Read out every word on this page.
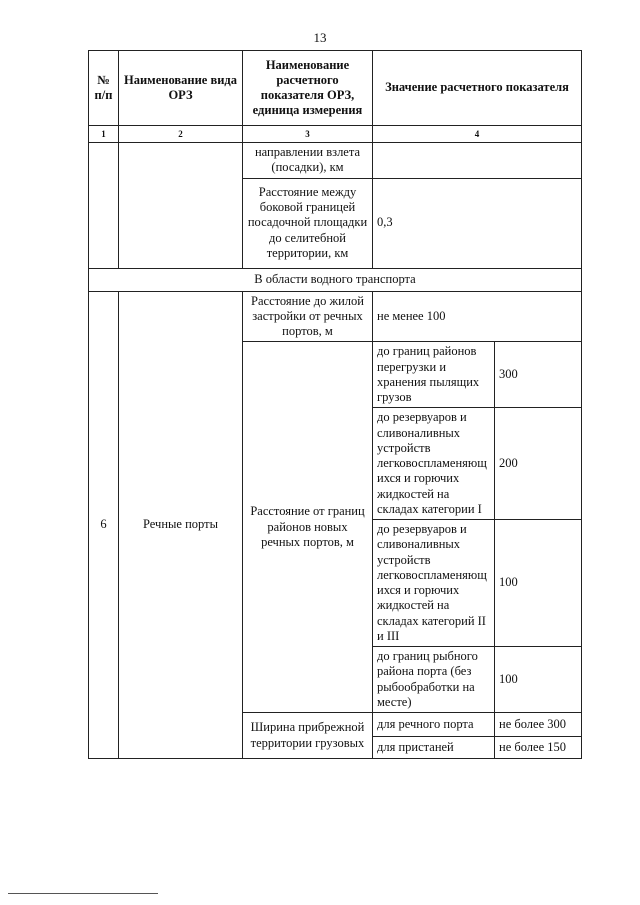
13
№ п/п	Наименование вида ОРЗ	Наименование расчетного показателя ОРЗ, единица измерения	Значение расчетного показателя	
1	2	3	4	
		направлении взлета (посадки), км		
		Расстояние между боковой границей посадочной площадки до селитебной территории, км	0,3	
В области водного транспорта				
6	Речные порты	Расстояние до жилой застройки от речных портов, м	не менее 100	
		Расстояние от границ районов новых речных портов, м	до границ районов перегрузки и хранения пылящих грузов	300
			до резервуаров и сливоналивных устройств легковоспламеняющ ихся и горючих жидкостей на складах категории I	200
			до резервуаров и сливоналивных устройств легковоспламеняющ ихся и горючих жидкостей на складах категорий II и III	100
			до границ рыбного района порта (без рыбообработки на месте)	100
		Ширина прибрежной территории грузовых	для речного порта	не более 300
			для пристаней	не более 150
